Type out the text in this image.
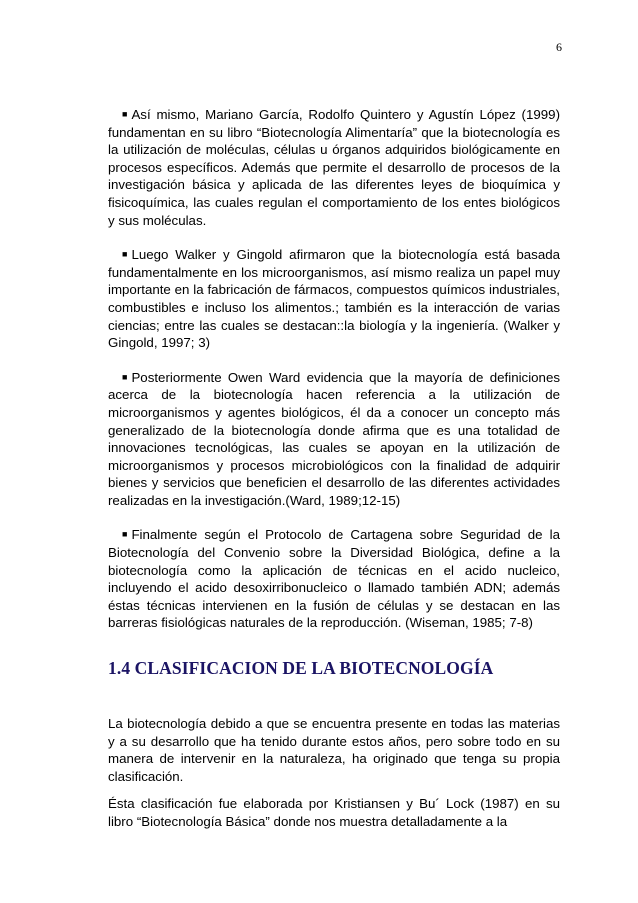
6

■ Así mismo, Mariano García, Rodolfo Quintero y Agustín López (1999) fundamentan en su libro “Biotecnología Alimentaría” que la biotecnología es la utilización de moléculas, células u órganos adquiridos biológicamente en procesos específicos. Además que permite el desarrollo de procesos de la investigación básica y aplicada de las diferentes leyes de bioquímica y fisicoquímica, las cuales regulan el comportamiento de los entes biológicos y sus moléculas.

■ Luego Walker y Gingold afirmaron que la biotecnología está basada fundamentalmente en los microorganismos, así mismo realiza un papel muy importante en la fabricación de fármacos, compuestos químicos industriales, combustibles e incluso los alimentos.; también es la interacción de varias ciencias; entre las cuales se destacan::la biología y la ingeniería. (Walker y Gingold, 1997; 3)

■ Posteriormente Owen Ward evidencia que la mayoría de definiciones acerca de la biotecnología hacen referencia a la utilización de microorganismos y agentes biológicos, él da a conocer un concepto más generalizado de la biotecnología donde afirma que es una totalidad de innovaciones tecnológicas, las cuales se apoyan en la utilización de microorganismos y procesos microbiológicos con la finalidad de adquirir bienes y servicios que beneficien el desarrollo de las diferentes actividades realizadas en la investigación.(Ward, 1989;12-15)

■ Finalmente según el Protocolo de Cartagena sobre Seguridad de la Biotecnología del Convenio sobre la Diversidad Biológica, define a la biotecnología como la aplicación de técnicas en el acido nucleico, incluyendo el acido desoxirribonucleico o llamado también ADN; además éstas técnicas intervienen en la fusión de células y se destacan en las barreras fisiológicas naturales de la reproducción. (Wiseman, 1985; 7-8)

1.4 CLASIFICACION DE LA BIOTECNOLOGÍA

La biotecnología debido a que se encuentra presente en todas las materias y a su desarrollo que ha tenido durante estos años, pero sobre todo en su manera de intervenir en la naturaleza, ha originado que tenga su propia clasificación.

Ésta clasificación fue elaborada por Kristiansen y Bu´ Lock (1987) en su libro “Biotecnología Básica” donde nos muestra detalladamente a la
